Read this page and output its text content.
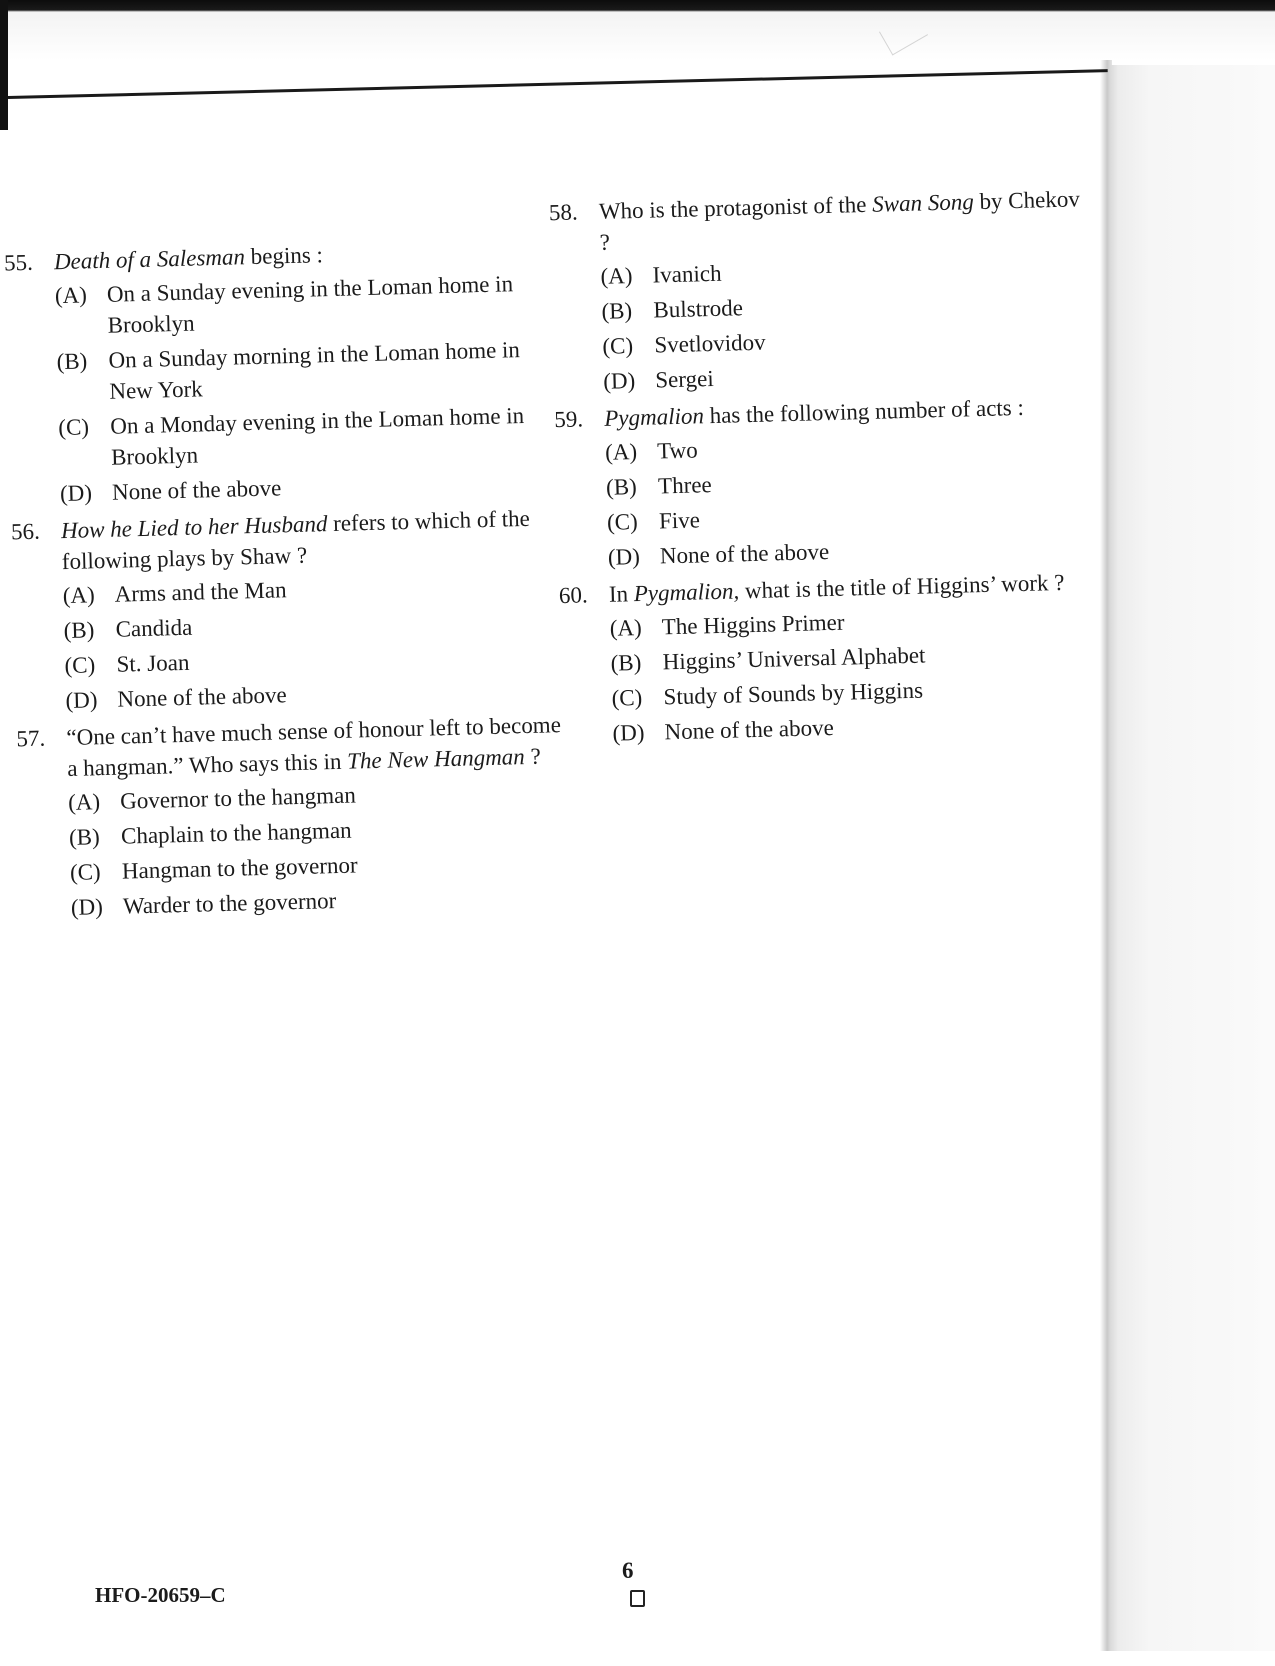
55. Death of a Salesman begins :
(A) On a Sunday evening in the Loman home in Brooklyn
(B) On a Sunday morning in the Loman home in New York
(C) On a Monday evening in the Loman home in Brooklyn
(D) None of the above
56. How he Lied to her Husband refers to which of the following plays by Shaw ?
(A) Arms and the Man
(B) Candida
(C) St. Joan
(D) None of the above
57. “One can’t have much sense of honour left to become a hangman.” Who says this in The New Hangman ?
(A) Governor to the hangman
(B) Chaplain to the hangman
(C) Hangman to the governor
(D) Warder to the governor
58. Who is the protagonist of the Swan Song by Chekov ?
(A) Ivanich
(B) Bulstrode
(C) Svetlovidov
(D) Sergei
59. Pygmalion has the following number of acts :
(A) Two
(B) Three
(C) Five
(D) None of the above
60. In Pygmalion, what is the title of Higgins’ work ?
(A) The Higgins Primer
(B) Higgins’ Universal Alphabet
(C) Study of Sounds by Higgins
(D) None of the above
HFO-20659–C
6
